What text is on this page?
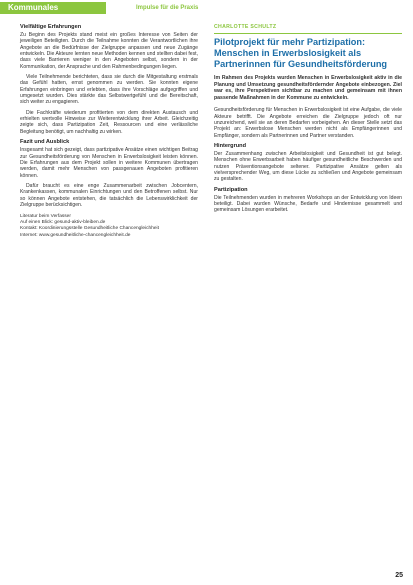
Kommunales	Impulse für die Praxis
Vielfältige Erfahrungen

Zu Beginn des Projekts stand meist ein großes Interesse von Seiten der jeweiligen Beteiligten. Durch die Teilnahme konnten die Verantwortlichen ihre Angebote an die Bedürfnisse der Zielgruppe anpassen und neue Zugänge entwickeln. Die Akteure lernten neue Methoden kennen und stellten dabei fest, dass viele Barrieren weniger in den Angeboten selbst, sondern in der Kommunikation, der Ansprache und den Rahmenbedingungen liegen.

Viele Teilnehmende berichteten, dass sie durch die Mitgestaltung erstmals das Gefühl hatten, ernst genommen zu werden. Sie konnten eigene Erfahrungen einbringen und erlebten, dass ihre Vorschläge aufgegriffen und umgesetzt wurden. Dies stärkte das Selbstwertgefühl und die Bereitschaft, sich weiter zu engagieren.

Die Fachkräfte wiederum profitierten von dem direkten Austausch und erhielten wertvolle Hinweise zur Weiterentwicklung ihrer Arbeit. Gleichzeitig zeigte sich, dass Partizipation Zeit, Ressourcen und eine verlässliche Begleitung benötigt, um nachhaltig zu wirken.

Fazit und Ausblick

Insgesamt hat sich gezeigt, dass partizipative Ansätze einen wichtigen Beitrag zur Gesundheitsförderung von Menschen in Erwerbslosigkeit leisten können. Die Erfahrungen aus dem Projekt sollen in weitere Kommunen übertragen werden, damit mehr Menschen von passgenauen Angeboten profitieren können.

Dafür braucht es eine enge Zusammenarbeit zwischen Jobcentern, Krankenkassen, kommunalen Einrichtungen und den Betroffenen selbst. Nur so können Angebote entstehen, die tatsächlich die Lebenswirklichkeit der Zielgruppe berücksichtigen.

Literatur beim Verfasser
Auf einen Blick: gesund-aktiv-bleiben.de
Kontakt: Koordinierungsstelle Gesundheitliche Chancengleichheit
Internet: www.gesundheitliche-chancengleichheit.de
CHARLOTTE SCHULTZ
Pilotprojekt für mehr Partizipation: Menschen in Erwerbslosigkeit als Partnerinnen für Gesundheitsförderung

Im Rahmen des Projekts wurden Menschen in Erwerbslosigkeit aktiv in die Planung und Umsetzung gesundheitsfördernder Angebote einbezogen. Ziel war es, ihre Perspektiven sichtbar zu machen und gemeinsam mit ihnen passende Maßnahmen in der Kommune zu entwickeln.

Gesundheitsförderung für Menschen in Erwerbslosigkeit ist eine Aufgabe, die viele Akteure betrifft. Die Angebote erreichen die Zielgruppe jedoch oft nur unzureichend, weil sie an deren Bedarfen vorbeigehen. An dieser Stelle setzt das Projekt an: Erwerbslose Menschen werden nicht als Empfängerinnen und Empfänger, sondern als Partnerinnen und Partner verstanden.

Hintergrund

Der Zusammenhang zwischen Arbeitslosigkeit und Gesundheit ist gut belegt. Menschen ohne Erwerbsarbeit haben häufiger gesundheitliche Beschwerden und nutzen Präventionsangebote seltener. Partizipative Ansätze gelten als vielversprechender Weg, um diese Lücke zu schließen und Angebote gemeinsam zu gestalten.

Partizipation

Die Teilnehmenden wurden in mehreren Workshops an der Entwicklung von Ideen beteiligt. Dabei wurden Wünsche, Bedarfe und Hindernisse gesammelt und gemeinsam Lösungen erarbeitet.

25
